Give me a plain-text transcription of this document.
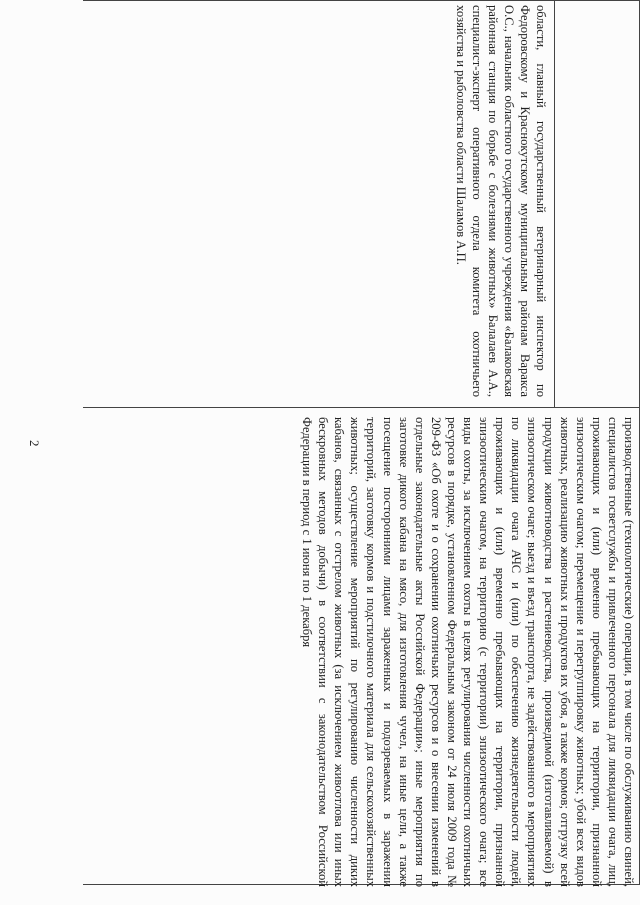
производственные (технологические) операции, в том числе по обслуживанию свиней, специалистов госветслужбы и привлеченного персонала для ликвидации очага, лиц, проживающих и (или) временно пребывающих на территории, признанной эпизоотическим очагом; перемещение и перегруппировку животных; убой всех видов животных, реализацию животных и продуктов их убоя, а также кормов; отгрузку всей продукции животноводства и растениеводства, произведимой (изготавливаемой) в эпизоотическом очаге; выезд и въезд транспорта, не задействованного в мероприятиях по ликвидации очага АЧС и (или) по обеспечению жизнедеятельности людей, проживающих и (или) временно пребывающих на территории, признанной эпизоотическим очагом, на территорию (с территории) эпизоотического очага; все виды охоты, за исключением охоты в целях регулирования численности охотничьих ресурсов в порядке, установленном Федеральным законом от 24 июля 2009 года № 209-ФЗ «Об охоте и о сохранении охотничьих ресурсов и о внесении изменений в отдельные законодательные акты Российской Федерации»; иные мероприятия по заготовке дикого кабана на мясо, для изготовления чучел, на иные цели, а также посещение посторонними лицами зараженных и подозреваемых в заражении территорий, заготовку кормов и подстилочного материала для сельскохозяйственных животных; осуществление мероприятий по регулированию численности диких кабанов, связанных с отстрелом животных (за исключением живоотлова или иных бескровных методов добычи) в соответствии с законодательством Российской Федерации в период с 1 июня по 1 декабря
области, главный государственный ветеринарный инспектор по Федоровскому и Краснокутскому муниципальным районам Варакса О.С., начальник областного государственного учреждения «Балаковская районная станция по борьбе с болезнями животных» Балалаев А.А., специалист-эксперт оперативного отдела комитета охотничьего хозяйства и рыболовства области Шаламов А.П.
2
